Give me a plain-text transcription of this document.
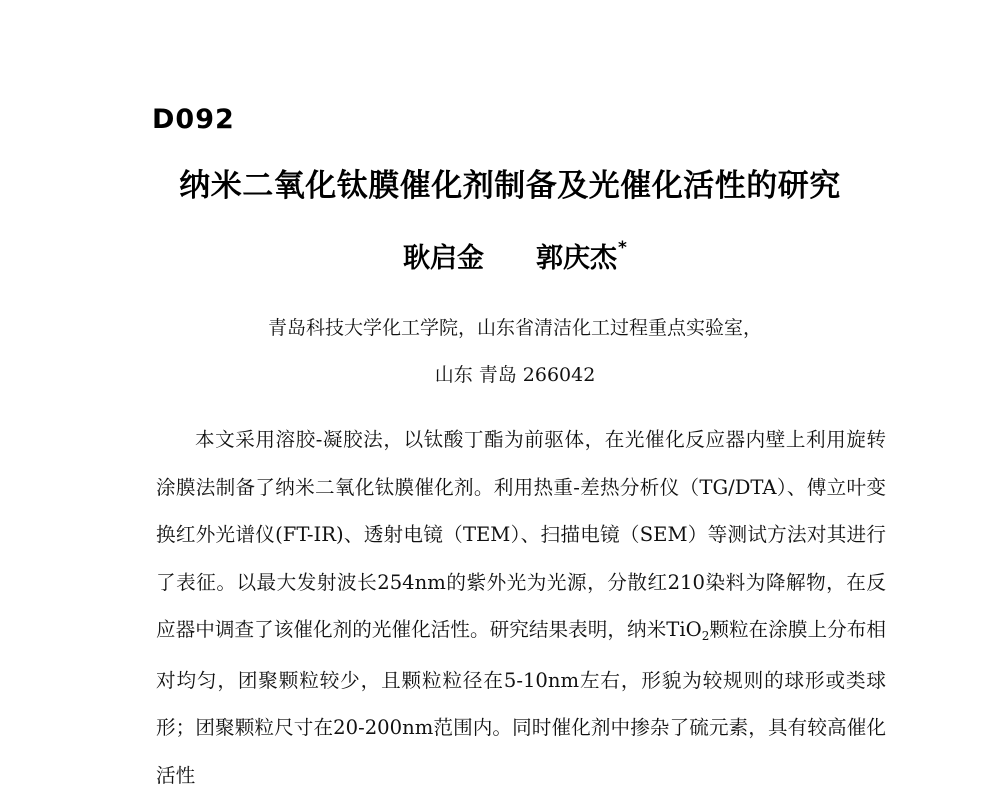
D092
纳米二氧化钛膜催化剂制备及光催化活性的研究
耿启金 郭庆杰*
青岛科技大学化工学院，山东省清洁化工过程重点实验室，
山东 青岛 266042

本文采用溶胶-凝胶法，以钛酸丁酯为前驱体，在光催化反应器内壁上利用旋转涂膜法制备了纳米二氧化钛膜催化剂。利用热重-差热分析仪（TG/DTA）、傅立叶变换红外光谱仪(FT-IR)、透射电镜（TEM）、扫描电镜（SEM）等测试方法对其进行了表征。以最大发射波长254nm的紫外光为光源，分散红210染料为降解物，在反应器中调查了该催化剂的光催化活性。研究结果表明，纳米TiO$_2$颗粒在涂膜上分布相对均匀，团聚颗粒较少，且颗粒粒径在5-10nm左右，形貌为较规则的球形或类球形；团聚颗粒尺寸在20-200nm范围内。同时催化剂中掺杂了硫元素，具有较高催化活性
